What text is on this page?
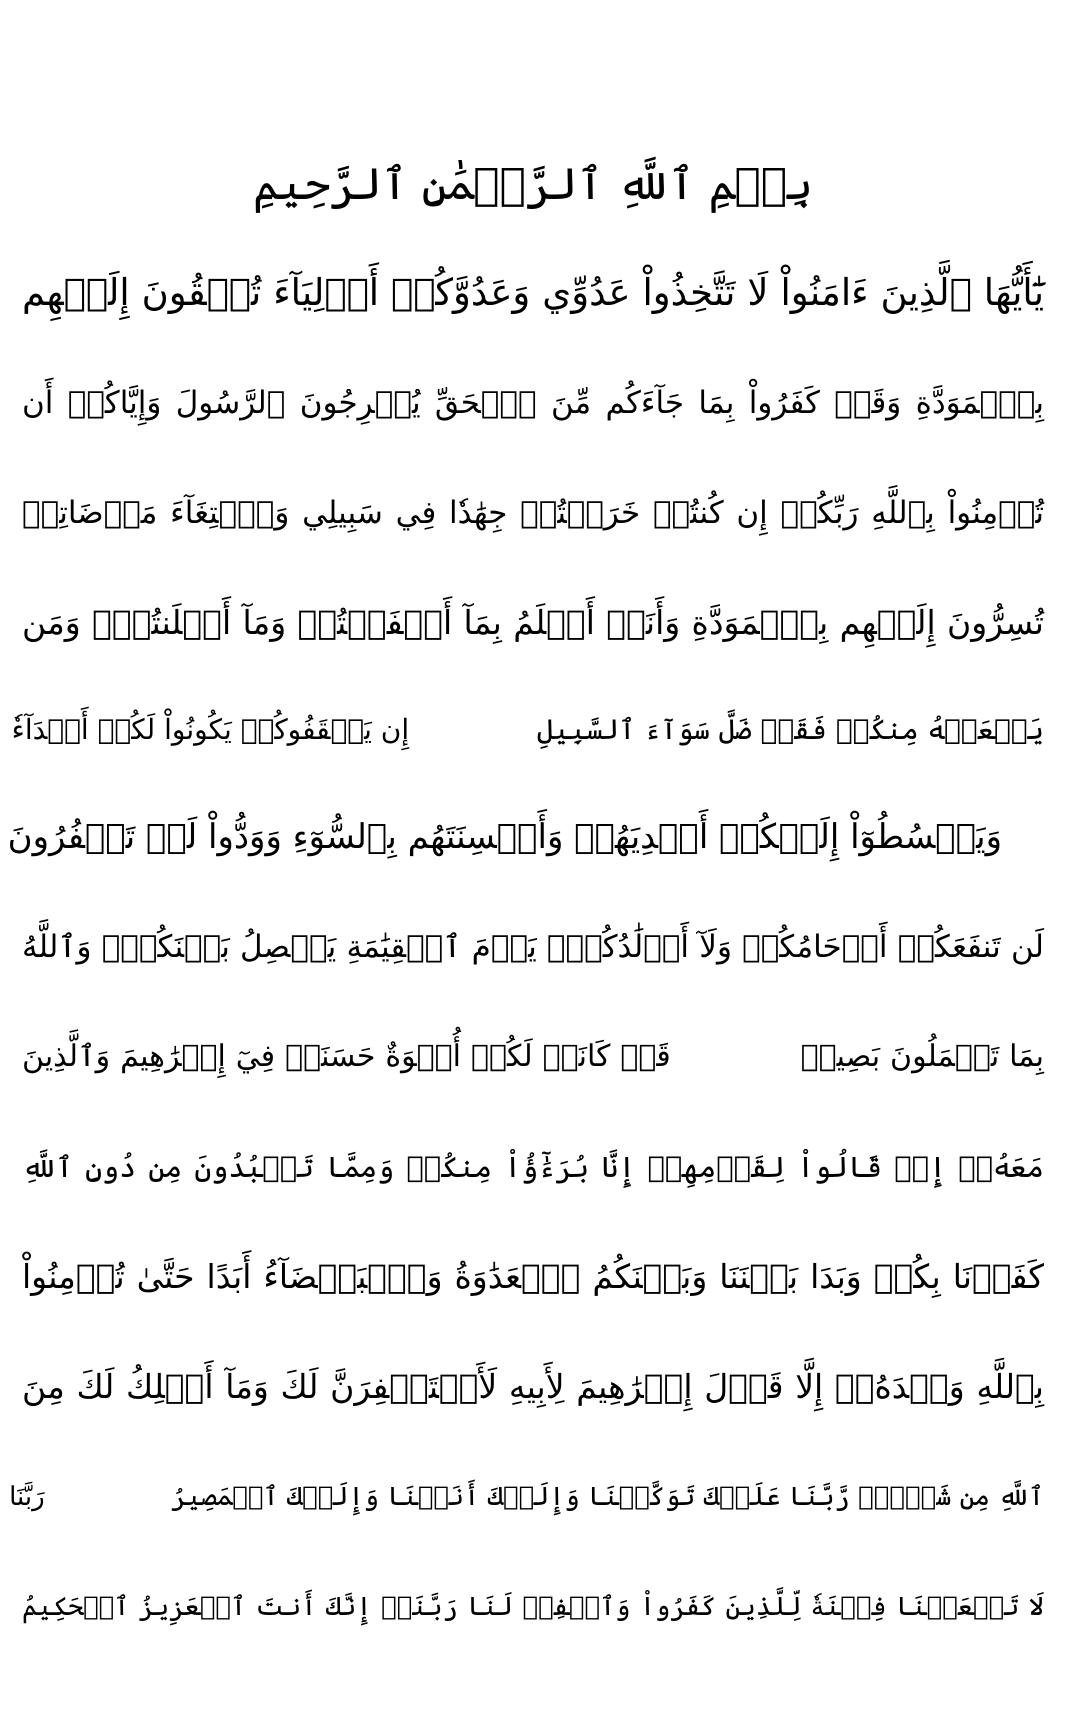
بِسۡمِ ٱللَّهِ ٱلرَّحۡمَٰنِ ٱلرَّحِيمِ
يَٰٓأَيُّهَا ٱلَّذِينَ ءَامَنُواْ لَا تَتَّخِذُواْ عَدُوِّي وَعَدُوَّكُمۡ أَوۡلِيَآءَ تُلۡقُونَ إِلَيۡهِم
بِٱلۡمَوَدَّةِ وَقَدۡ كَفَرُواْ بِمَا جَآءَكُم مِّنَ ٱلۡحَقِّ يُخۡرِجُونَ ٱلرَّسُولَ وَإِيَّاكُمۡ أَن
تُؤۡمِنُواْ بِٱللَّهِ رَبِّكُمۡ إِن كُنتُمۡ خَرَجۡتُمۡ جِهَٰدٗا فِي سَبِيلِي وَٱبۡتِغَآءَ مَرۡضَاتِيۚ
تُسِرُّونَ إِلَيۡهِم بِٱلۡمَوَدَّةِ وَأَنَا۠ أَعۡلَمُ بِمَآ أَخۡفَيۡتُمۡ وَمَآ أَعۡلَنتُمۡۚ وَمَن
يَفۡعَلۡهُ مِنكُمۡ فَقَدۡ ضَلَّ سَوَآءَ ٱلسَّبِيلِ  إِن يَثۡقَفُوكُمۡ يَكُونُواْ لَكُمۡ أَعۡدَآءٗ
وَيَبۡسُطُوٓاْ إِلَيۡكُمۡ أَيۡدِيَهُمۡ وَأَلۡسِنَتَهُم بِٱلسُّوٓءِ وَوَدُّواْ لَوۡ تَكۡفُرُونَ
لَن تَنفَعَكُمۡ أَرۡحَامُكُمۡ وَلَآ أَوۡلَٰدُكُمۡۚ يَوۡمَ ٱلۡقِيَٰمَةِ يَفۡصِلُ بَيۡنَكُمۡۚ وَٱللَّهُ
بِمَا تَعۡمَلُونَ بَصِيرٞ  قَدۡ كَانَتۡ لَكُمۡ أُسۡوَةٌ حَسَنَةٞ فِيٓ إِبۡرَٰهِيمَ وَٱلَّذِينَ
مَعَهُۥٓ إِذۡ قَالُواْ لِقَوۡمِهِمۡ إِنَّا بُرَءَٰٓؤُاْ مِنكُمۡ وَمِمَّا تَعۡبُدُونَ مِن دُونِ ٱللَّهِ
كَفَرۡنَا بِكُمۡ وَبَدَا بَيۡنَنَا وَبَيۡنَكُمُ ٱلۡعَدَٰوَةُ وَٱلۡبَغۡضَآءُ أَبَدًا حَتَّىٰ تُؤۡمِنُواْ
بِٱللَّهِ وَحۡدَهُۥٓ إِلَّا قَوۡلَ إِبۡرَٰهِيمَ لِأَبِيهِ لَأَسۡتَغۡفِرَنَّ لَكَ وَمَآ أَمۡلِكُ لَكَ مِنَ
ٱللَّهِ مِن شَيۡءٖۖ رَّبَّنَا عَلَيۡكَ تَوَكَّلۡنَا وَإِلَيۡكَ أَنَبۡنَا وَإِلَيۡكَ ٱلۡمَصِيرُ  رَبَّنَا
لَا تَجۡعَلۡنَا فِتۡنَةٗ لِّلَّذِينَ كَفَرُواْ وَٱغۡفِرۡ لَنَا رَبَّنَآۖ إِنَّكَ أَنتَ ٱلۡعَزِيزُ ٱلۡحَكِيمُ
